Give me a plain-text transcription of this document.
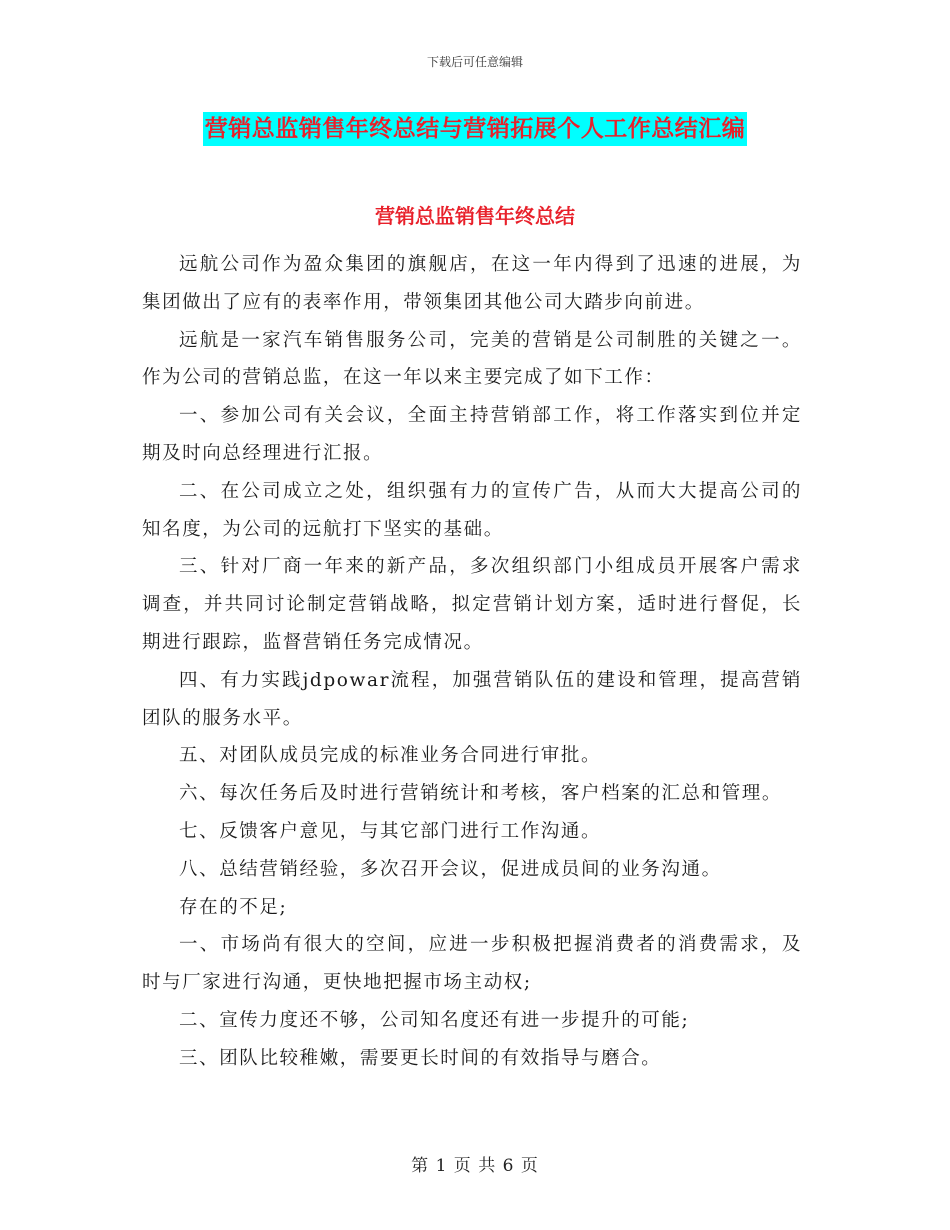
下载后可任意编辑
营销总监销售年终总结与营销拓展个人工作总结汇编
营销总监销售年终总结

远航公司作为盈众集团的旗舰店，在这一年内得到了迅速的进展，为集团做出了应有的表率作用，带领集团其他公司大踏步向前进。

远航是一家汽车销售服务公司，完美的营销是公司制胜的关键之一。作为公司的营销总监，在这一年以来主要完成了如下工作：

一、参加公司有关会议，全面主持营销部工作，将工作落实到位并定期及时向总经理进行汇报。

二、在公司成立之处，组织强有力的宣传广告，从而大大提高公司的知名度，为公司的远航打下坚实的基础。

三、针对厂商一年来的新产品，多次组织部门小组成员开展客户需求调查，并共同讨论制定营销战略，拟定营销计划方案，适时进行督促，长期进行跟踪，监督营销任务完成情况。

四、有力实践jdpowar流程，加强营销队伍的建设和管理，提高营销团队的服务水平。

五、对团队成员完成的标准业务合同进行审批。

六、每次任务后及时进行营销统计和考核，客户档案的汇总和管理。

七、反馈客户意见，与其它部门进行工作沟通。

八、总结营销经验，多次召开会议，促进成员间的业务沟通。

存在的不足;

一、市场尚有很大的空间，应进一步积极把握消费者的消费需求，及时与厂家进行沟通，更快地把握市场主动权;

二、宣传力度还不够，公司知名度还有进一步提升的可能;

三、团队比较稚嫩，需要更长时间的有效指导与磨合。

第 1 页 共 6 页
